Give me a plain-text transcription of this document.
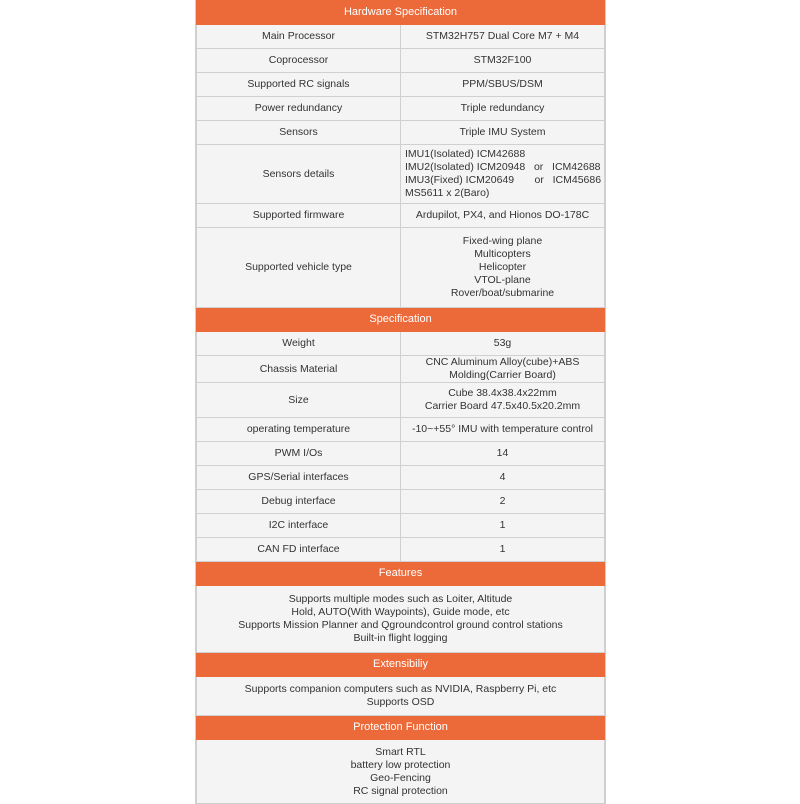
Hardware Specification	
Main Processor	STM32H757 Dual Core M7 + M4
Coprocessor	STM32F100
Supported RC signals	PPM/SBUS/DSM
Power redundancy	Triple redundancy
Sensors	Triple IMU System
Sensors details	IMU1(Isolated) ICM42688
IMU2(Isolated) ICM20948   or   ICM42688
IMU3(Fixed) ICM20649       or   ICM45686
MS5611 x 2(Baro)

Supported firmware	Ardupilot, PX4, and Hionos DO-178C
Supported vehicle type	Fixed-wing plane
Multicopters
Helicopter
VTOL-plane
Rover/boat/submarine

Specification	
Weight	53g
Chassis Material	CNC Aluminum Alloy(cube)+ABS Molding(Carrier Board)
Size	Cube 38.4x38.4x22mm
Carrier Board 47.5x40.5x20.2mm

operating temperature	-10~+55° IMU with temperature control
PWM I/Os	14
GPS/Serial interfaces	4
Debug interface	2
I2C interface	1
CAN FD interface	1
Features	

Supports multiple modes such as Loiter, Altitude
Hold, AUTO(With Waypoints), Guide mode, etc
Supports Mission Planner and Qgroundcontrol ground control stations
Built-in flight logging	

Extensibiliy	

Supports companion computers such as NVIDIA, Raspberry Pi, etc
Supports OSD	

Protection Function	

Smart RTL
battery low protection
Geo-Fencing
RC signal protection	
